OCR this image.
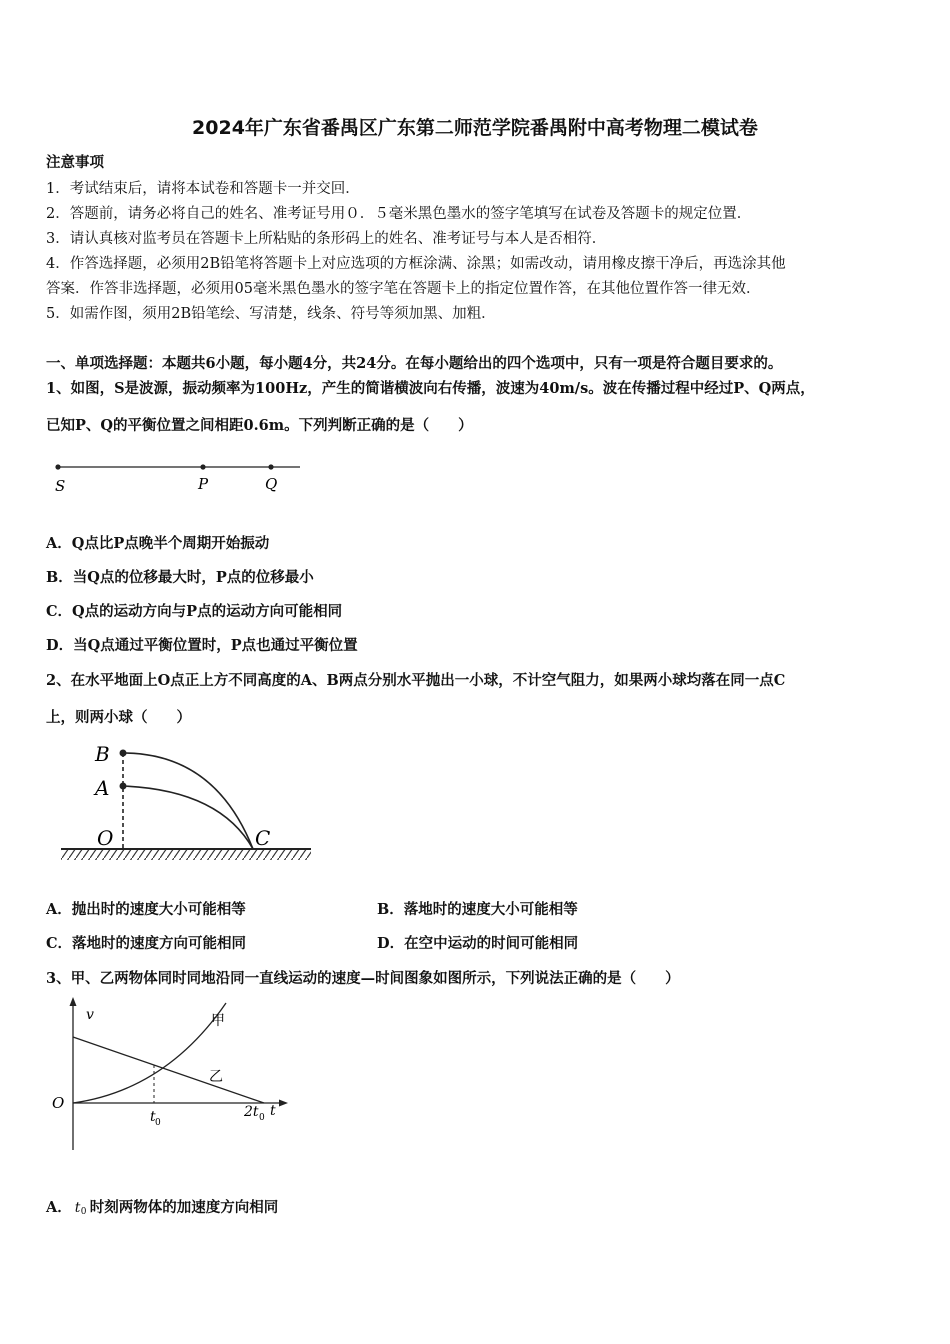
2024年广东省番禺区广东第二师范学院番禺附中高考物理二模试卷
注意事项
1．考试结束后，请将本试卷和答题卡一并交回．
2．答题前，请务必将自己的姓名、准考证号用０．５毫米黑色墨水的签字笔填写在试卷及答题卡的规定位置．
3．请认真核对监考员在答题卡上所粘贴的条形码上的姓名、准考证号与本人是否相符．
4．作答选择题，必须用2B铅笔将答题卡上对应选项的方框涂满、涂黑；如需改动，请用橡皮擦干净后，再选涂其他
答案．作答非选择题，必须用05毫米黑色墨水的签字笔在答题卡上的指定位置作答，在其他位置作答一律无效．
5．如需作图，须用2B铅笔绘、写清楚，线条、符号等须加黑、加粗．
一、单项选择题：本题共6小题，每小题4分，共24分。在每小题给出的四个选项中，只有一项是符合题目要求的。
1、如图，S是波源，振动频率为100Hz，产生的简谐横波向右传播，波速为40m/s。波在传播过程中经过P、Q两点，
已知P、Q的平衡位置之间相距0.6m。下列判断正确的是（　　）
S	P	Q
A．Q点比P点晚半个周期开始振动
B．当Q点的位移最大时，P点的位移最小
C．Q点的运动方向与P点的运动方向可能相同
D．当Q点通过平衡位置时，P点也通过平衡位置
2、在水平地面上O点正上方不同高度的A、B两点分别水平抛出一小球，不计空气阻力，如果两小球均落在同一点C
上，则两小球（　　）
B
A
O	C
A．抛出时的速度大小可能相等	B．落地时的速度大小可能相等
C．落地时的速度方向可能相同	D．在空中运动的时间可能相同
3、甲、乙两物体同时同地沿同一直线运动的速度—时间图象如图所示，下列说法正确的是（　　）
v	甲
乙
O
t 0
2t 0 t
A． t 0 时刻两物体的加速度方向相同
